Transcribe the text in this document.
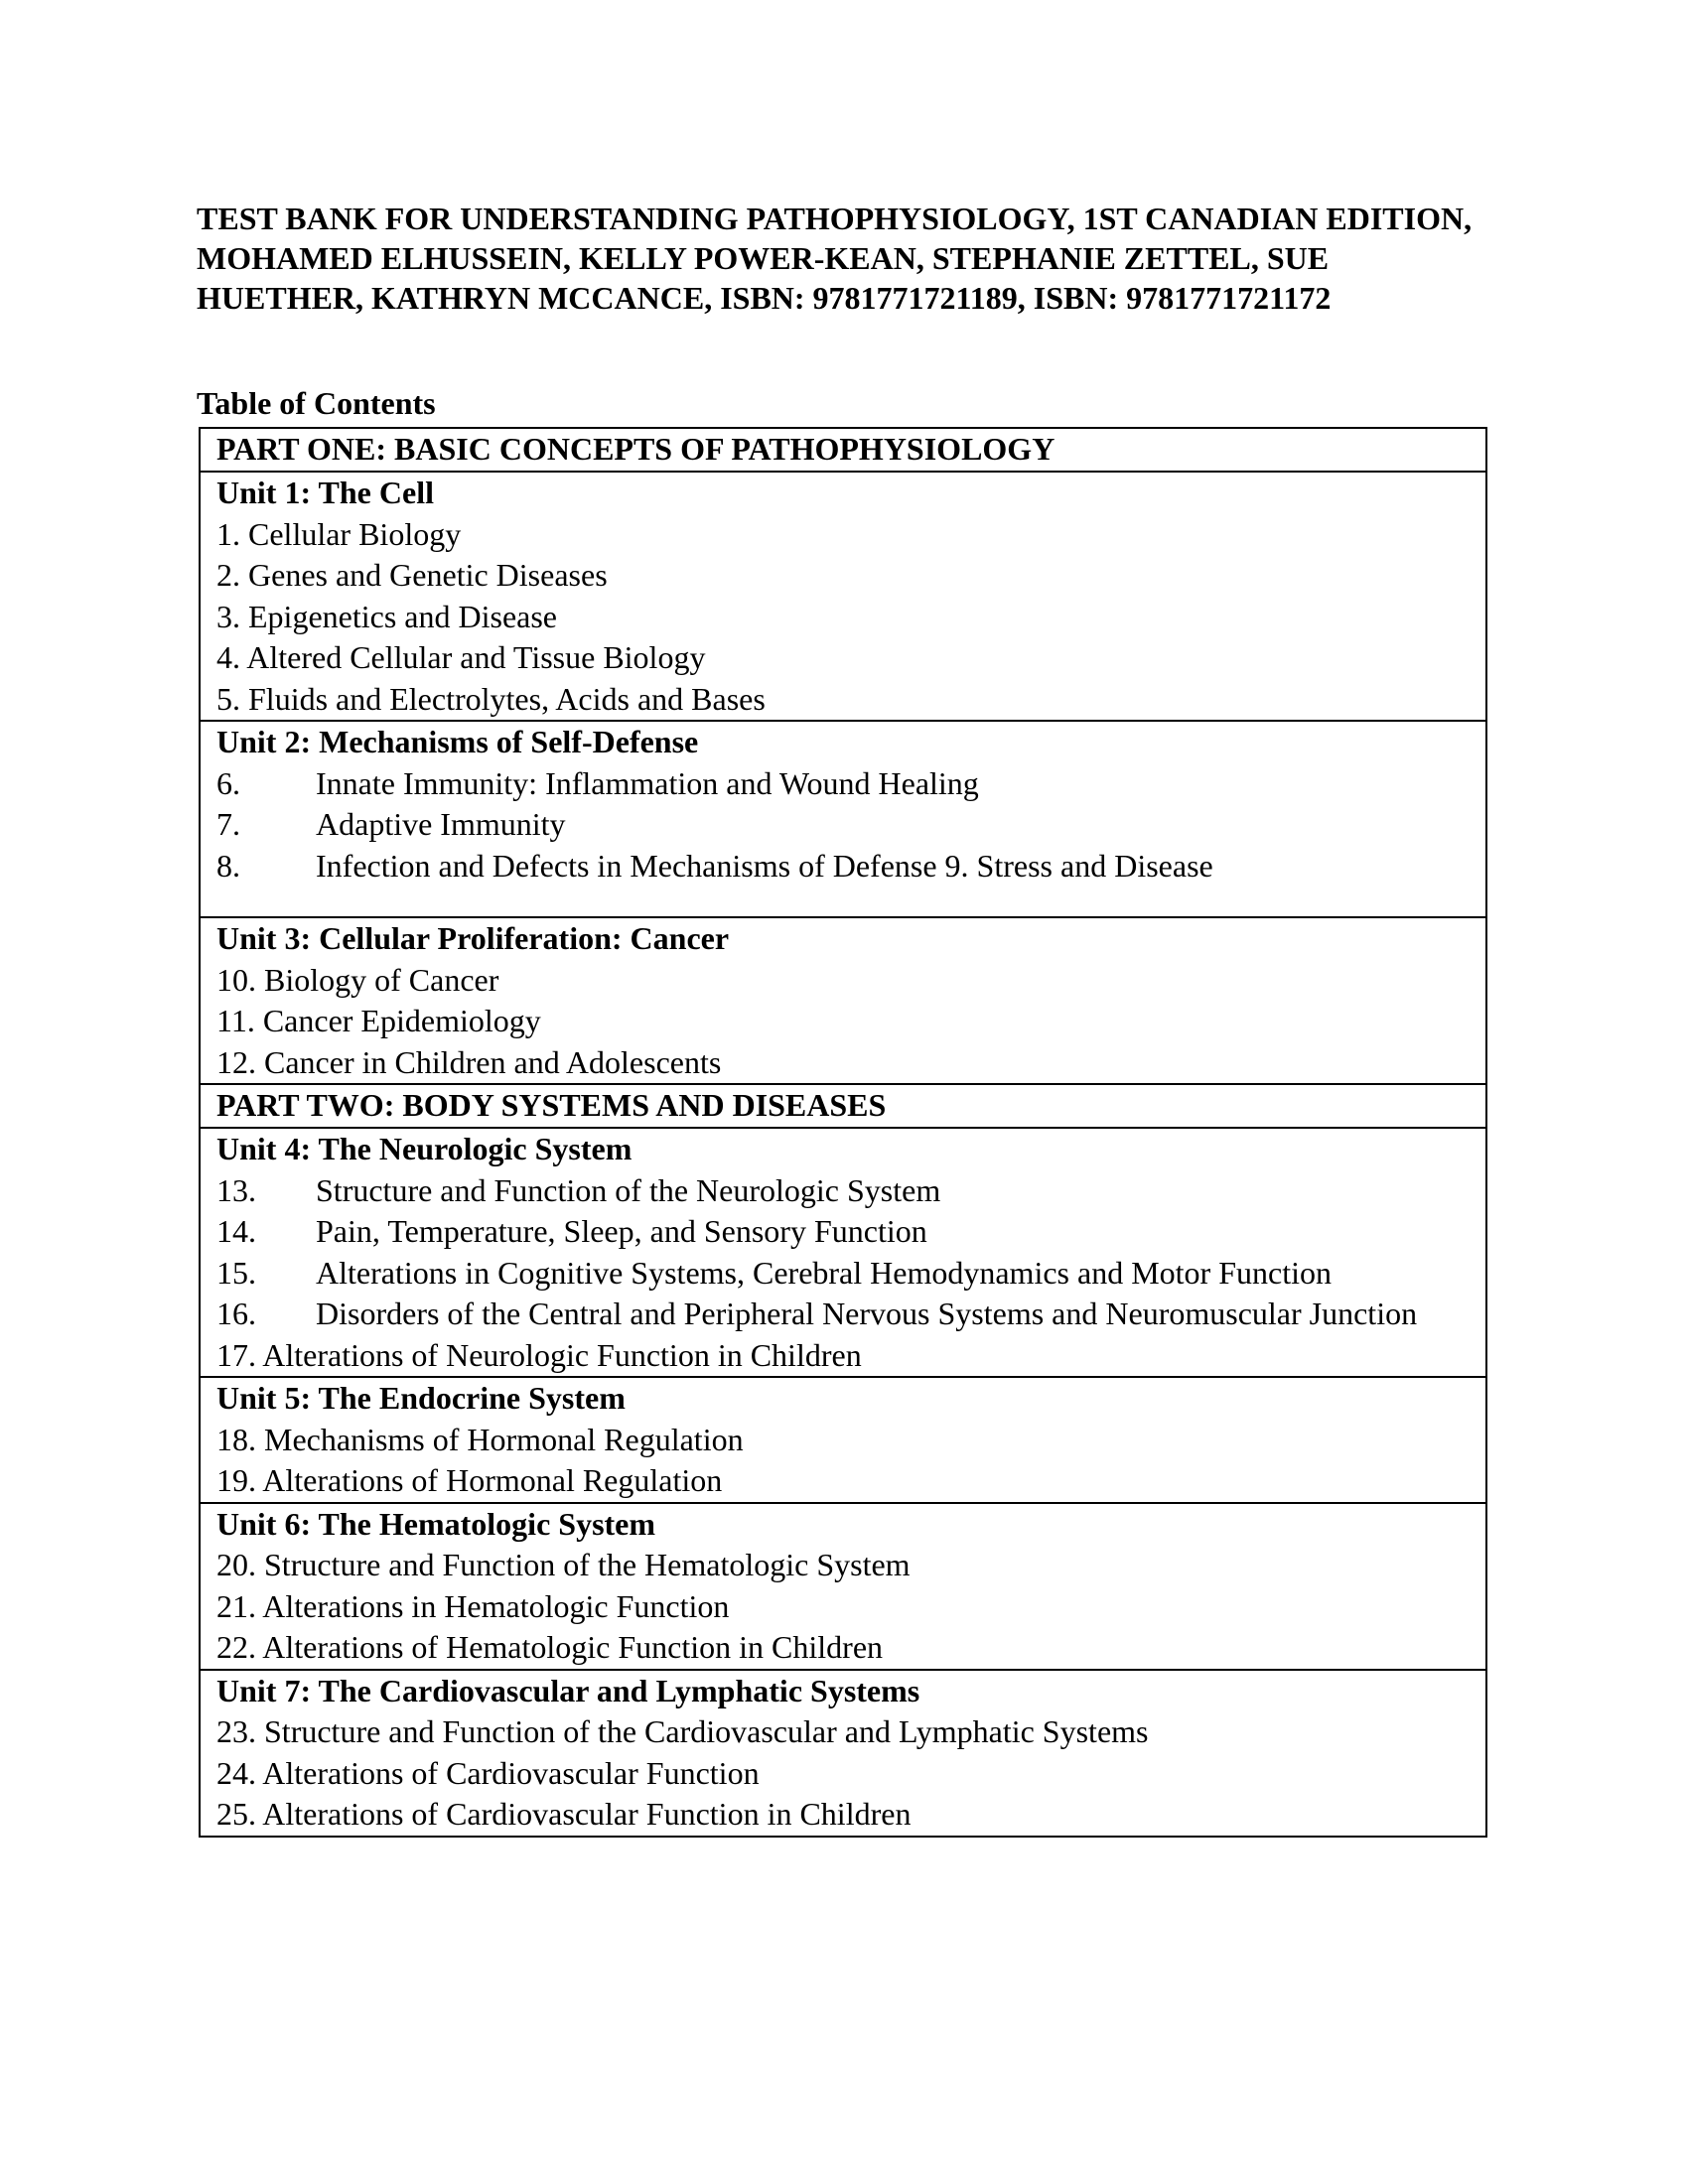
TEST BANK FOR UNDERSTANDING PATHOPHYSIOLOGY, 1ST CANADIAN EDITION, MOHAMED ELHUSSEIN, KELLY POWER-KEAN, STEPHANIE ZETTEL, SUE HUETHER, KATHRYN MCCANCE, ISBN: 9781771721189, ISBN: 9781771721172
Table of Contents
PART ONE: BASIC CONCEPTS OF PATHOPHYSIOLOGY

Unit 1: The Cell
1. Cellular Biology
2. Genes and Genetic Diseases
3. Epigenetics and Disease
4. Altered Cellular and Tissue Biology
5. Fluids and Electrolytes, Acids and Bases

Unit 2: Mechanisms of Self-Defense
6. Innate Immunity: Inflammation and Wound Healing
7. Adaptive Immunity
8. Infection and Defects in Mechanisms of Defense 9. Stress and Disease

Unit 3: Cellular Proliferation: Cancer
10. Biology of Cancer
11. Cancer Epidemiology
12. Cancer in Children and Adolescents

PART TWO: BODY SYSTEMS AND DISEASES

Unit 4: The Neurologic System
13. Structure and Function of the Neurologic System
14. Pain, Temperature, Sleep, and Sensory Function
15. Alterations in Cognitive Systems, Cerebral Hemodynamics and Motor Function
16. Disorders of the Central and Peripheral Nervous Systems and Neuromuscular Junction
17. Alterations of Neurologic Function in Children

Unit 5: The Endocrine System
18. Mechanisms of Hormonal Regulation
19. Alterations of Hormonal Regulation

Unit 6: The Hematologic System
20. Structure and Function of the Hematologic System
21. Alterations in Hematologic Function
22. Alterations of Hematologic Function in Children

Unit 7: The Cardiovascular and Lymphatic Systems
23. Structure and Function of the Cardiovascular and Lymphatic Systems
24. Alterations of Cardiovascular Function
25. Alterations of Cardiovascular Function in Children
